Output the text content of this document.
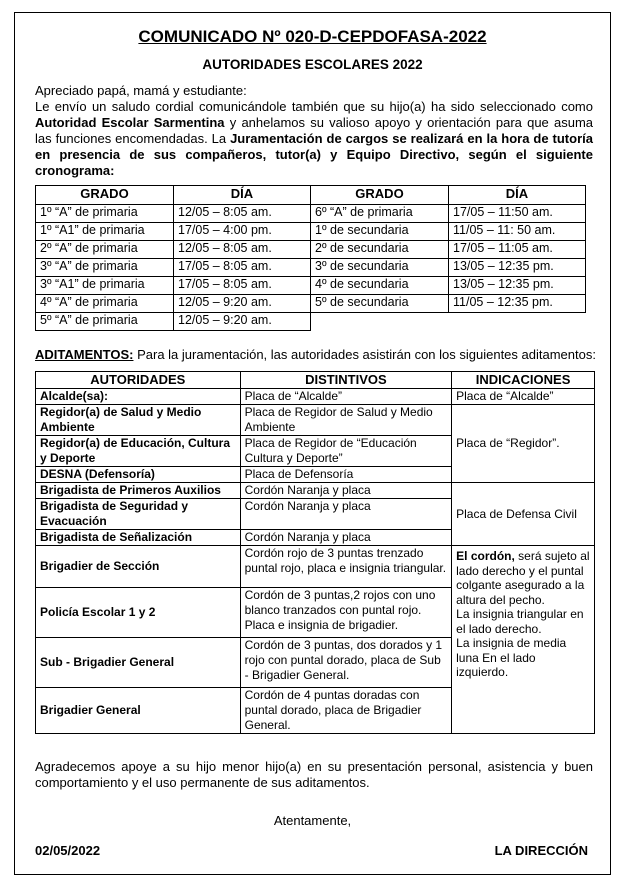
COMUNICADO Nº 020-D-CEPDOFASA-2022
AUTORIDADES ESCOLARES 2022

Apreciado papá, mamá y estudiante:

Le envío un saludo cordial comunicándole también que su hijo(a) ha sido seleccionado como Autoridad Escolar Sarmentina y anhelamos su valioso apoyo y orientación para que asuma las funciones encomendadas. La Juramentación de cargos se realizará en la hora de tutoría en presencia de sus compañeros, tutor(a) y Equipo Directivo, según el siguiente cronograma:

GRADO	DÍA	GRADO	DÍA
1º “A” de primaria	12/05 – 8:05 am.	6º “A” de primaria	17/05 – 11:50 am.
1º “A1” de primaria	17/05 – 4:00 pm.	1º de secundaria	11/05 – 11: 50 am.
2º “A” de primaria	12/05 – 8:05 am.	2º de secundaria	17/05 – 11:05 am.
3º “A” de primaria	17/05 – 8:05 am.	3º de secundaria	13/05 – 12:35 pm.
3º “A1” de primaria	17/05 – 8:05 am.	4º de secundaria	13/05 – 12:35 pm.
4º “A” de primaria	12/05 – 9:20 am.	5º de secundaria	11/05 – 12:35 pm.
5º “A” de primaria	12/05 – 9:20 am.		
ADITAMENTOS: Para la juramentación, las autoridades asistirán con los siguientes aditamentos:
AUTORIDADES	DISTINTIVOS	INDICACIONES
Alcalde(sa):	Placa de “Alcalde”	Placa de “Alcalde”
Regidor(a) de Salud y Medio Ambiente	Placa de Regidor de Salud y Medio Ambiente	Placa de “Regidor”.
Regidor(a) de Educación, Cultura y Deporte	Placa de Regidor de “Educación Cultura y Deporte”	
DESNA (Defensoría)	Placa de Defensoría	
Brigadista de Primeros Auxilios	Cordón Naranja y placa	Placa de Defensa Civil
Brigadista de Seguridad y Evacuación	Cordón Naranja y placa	
Brigadista de Señalización	Cordón Naranja y placa	
Brigadier de Sección	Cordón rojo de 3 puntas trenzado puntal rojo, placa e insignia triangular.	El cordón, será sujeto al lado derecho y el puntal colgante asegurado a la altura del pecho.
La insignia triangular en el lado derecho.
La insignia de media luna En el lado izquierdo.
Policía Escolar 1 y 2	Cordón de 3 puntas,2 rojos con uno blanco tranzados con puntal rojo. Placa e insignia de brigadier.	
Sub - Brigadier General	Cordón de 3 puntas, dos dorados y 1 rojo con puntal dorado, placa de Sub - Brigadier General.	
Brigadier General	Cordón de 4 puntas doradas con puntal dorado, placa de Brigadier General.	
Agradecemos apoye a su hijo menor hijo(a) en su presentación personal, asistencia y buen comportamiento y el uso permanente de sus aditamentos.
Atentamente,
02/05/2022	LA DIRECCIÓN
